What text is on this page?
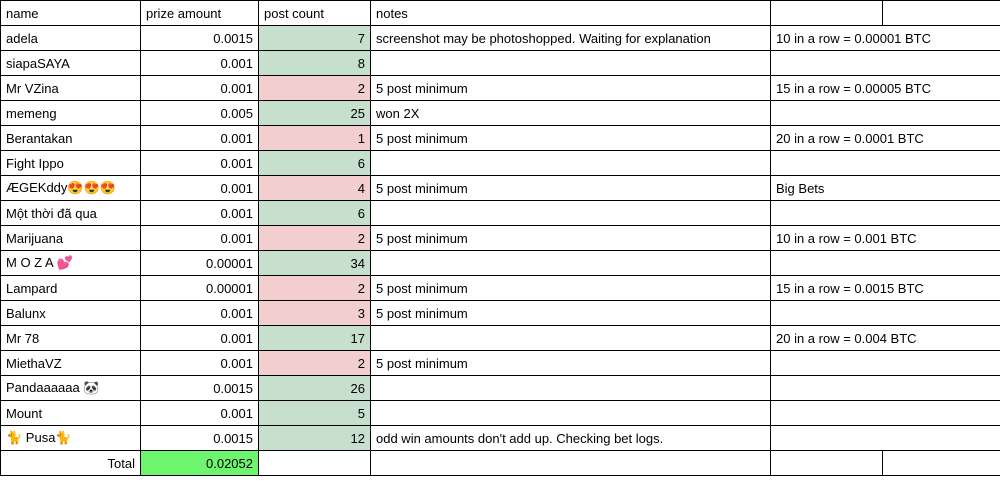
name	prize amount	post count	notes		
adela	0.0015	7	screenshot may be photoshopped. Waiting for explanation	10 in a row = 0.00001 BTC	
siapaSAYA	0.001	8			
Mr VZina	0.001	2	5 post minimum	15 in a row = 0.00005 BTC	
memeng	0.005	25	won 2X		
Berantakan	0.001	1	5 post minimum	20 in a row = 0.0001 BTC	
Fight Ippo	0.001	6			
ÆGEKddy😍😍😍	0.001	4	5 post minimum	Big Bets	
Một thời đã qua	0.001	6			
Marijuana	0.001	2	5 post minimum	10 in a row = 0.001 BTC	
M O Z A 💕	0.00001	34			
Lampard	0.00001	2	5 post minimum	15 in a row = 0.0015 BTC	
Balunx	0.001	3	5 post minimum		
Mr 78	0.001	17		20 in a row = 0.004 BTC	
MiethaVZ	0.001	2	5 post minimum		
Pandaaaaaa 🐼	0.0015	26			
Mount	0.001	5			
🐈 Pusa🐈	0.0015	12	odd win amounts don't add up. Checking bet logs.		
Total	0.02052				
